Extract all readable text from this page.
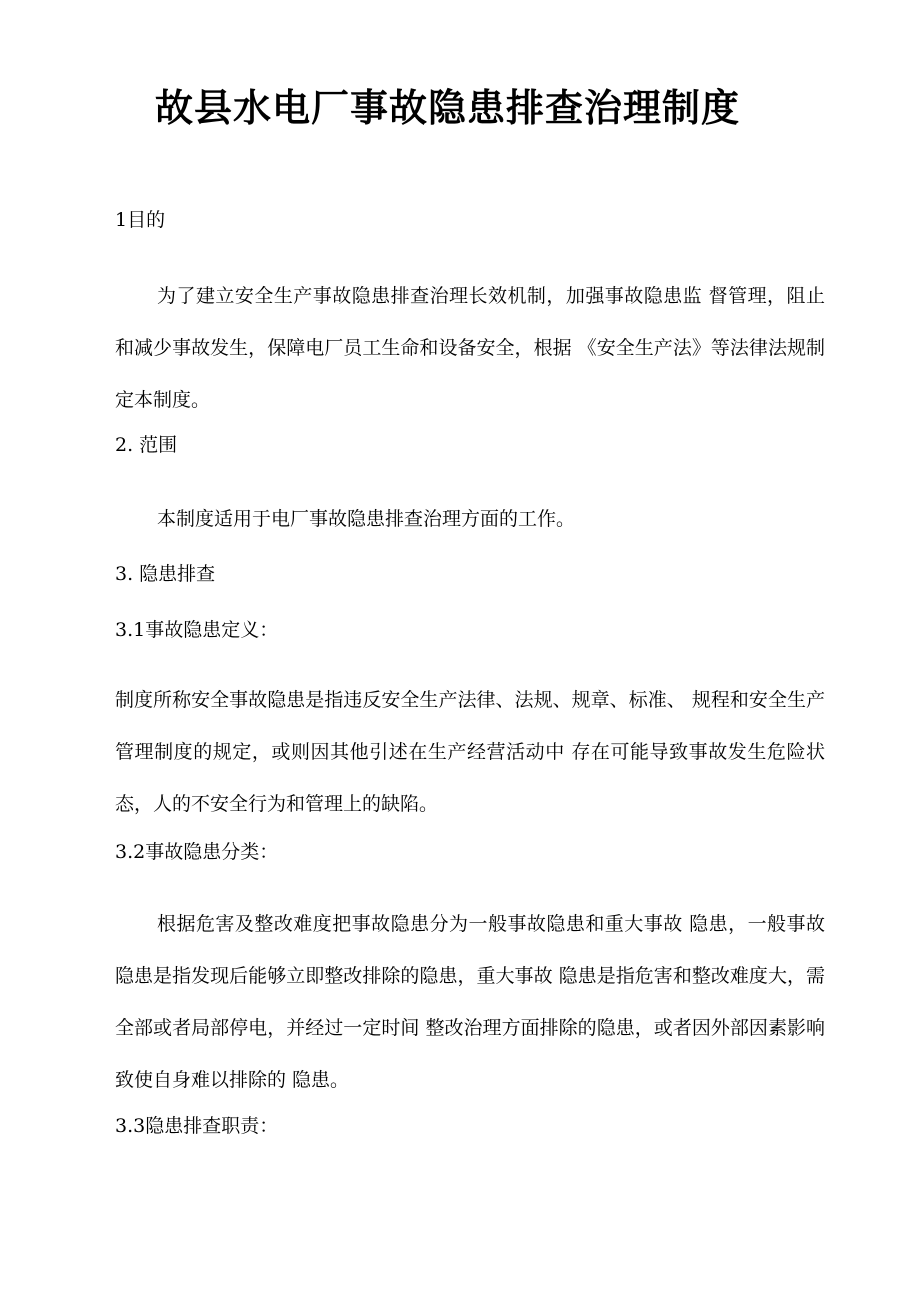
故县水电厂事故隐患排查治理制度

1目的

为了建立安全生产事故隐患排查治理长效机制，加强事故隐患监 督管理，阻止和减少事故发生，保障电厂员工生命和设备安全，根据 《安全生产法》等法律法规制定本制度。

2. 范围

本制度适用于电厂事故隐患排查治理方面的工作。

3. 隐患排查

3.1事故隐患定义：

制度所称安全事故隐患是指违反安全生产法律、法规、规章、标准、 规程和安全生产管理制度的规定，或则因其他引述在生产经营活动中 存在可能导致事故发生危险状态，人的不安全行为和管理上的缺陷。

3.2事故隐患分类：

根据危害及整改难度把事故隐患分为一般事故隐患和重大事故 隐患，一般事故隐患是指发现后能够立即整改排除的隐患，重大事故 隐患是指危害和整改难度大，需全部或者局部停电，并经过一定时间 整改治理方面排除的隐患，或者因外部因素影响致使自身难以排除的 隐患。

3.3隐患排查职责：
